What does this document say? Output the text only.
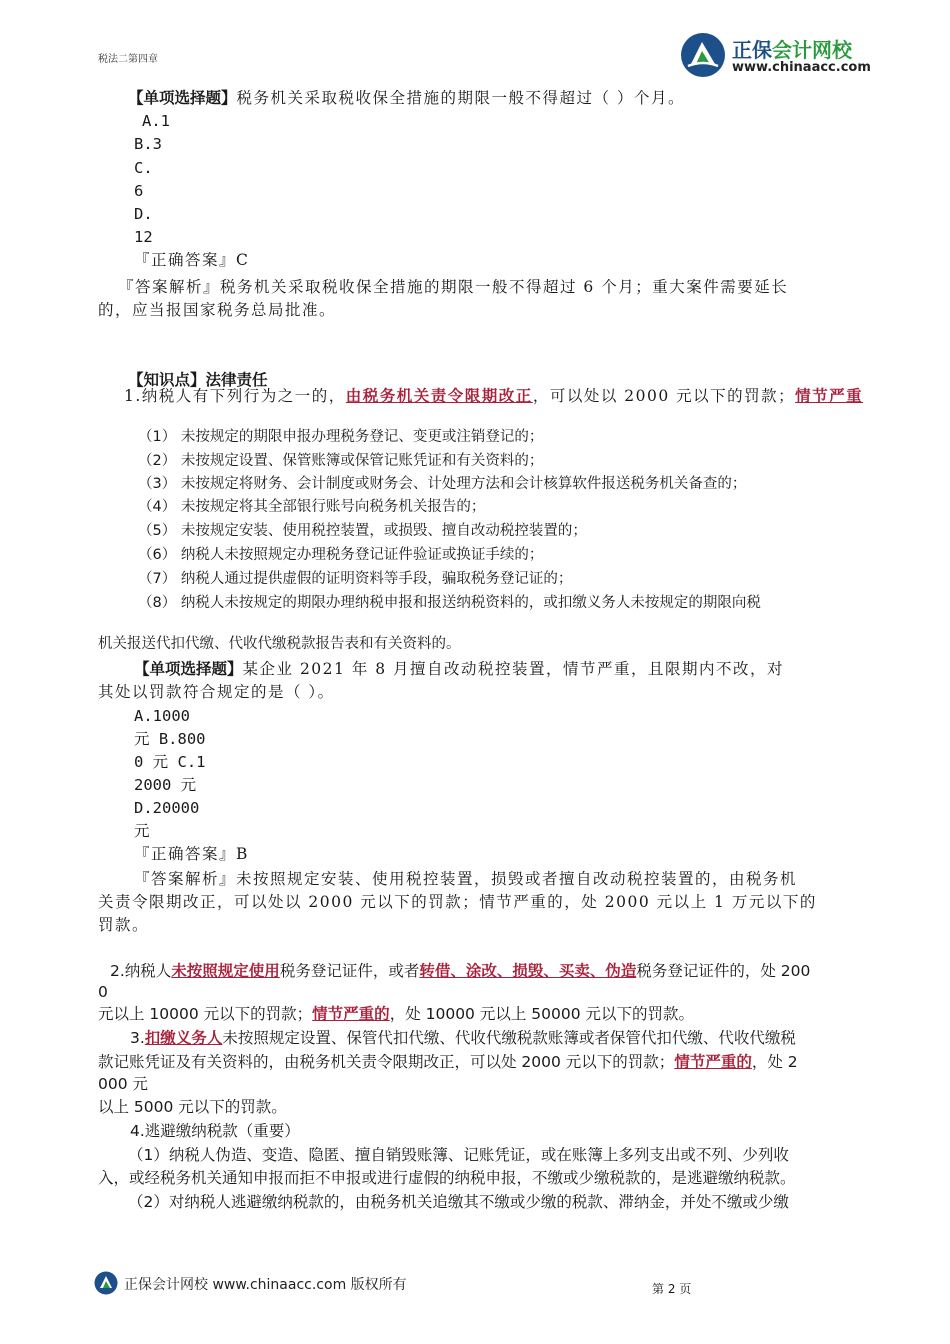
税法二第四章	正保会计网校
www.chinaacc.com
【单项选择题】税务机关采取税收保全措施的期限一般不得超过（ ）个月。
A.1
B.3
C.
6
D.
12
『正确答案』C
『答案解析』税务机关采取税收保全措施的期限一般不得超过 6 个月；重大案件需要延长
的，应当报国家税务总局批准。
【知识点】法律责任
1.纳税人有下列行为之一的，由税务机关责令限期改正，可以处以 2000 元以下的罚款；情节严重
（1） 未按规定的期限申报办理税务登记、变更或注销登记的；
（2） 未按规定设置、保管账簿或保管记账凭证和有关资料的；
（3） 未按规定将财务、会计制度或财务会、计处理方法和会计核算软件报送税务机关备查的；
（4） 未按规定将其全部银行账号向税务机关报告的；
（5） 未按规定安装、使用税控装置，或损毁、擅自改动税控装置的；
（6） 纳税人未按照规定办理税务登记证件验证或换证手续的；
（7） 纳税人通过提供虚假的证明资料等手段，骗取税务登记证的；
（8） 纳税人未按规定的期限办理纳税申报和报送纳税资料的，或扣缴义务人未按规定的期限向税
机关报送代扣代缴、代收代缴税款报告表和有关资料的。
【单项选择题】某企业 2021 年 8 月擅自改动税控装置，情节严重，且限期内不改，对
其处以罚款符合规定的是（ ）。
A.1000
元 B.800
0 元 C.1
2000 元
D.20000
元
『正确答案』B
『答案解析』未按照规定安装、使用税控装置，损毁或者擅自改动税控装置的，由税务机
关责令限期改正，可以处以 2000 元以下的罚款；情节严重的，处 2000 元以上 1 万元以下的
罚款。
2.纳税人未按照规定使用税务登记证件，或者转借、涂改、损毁、买卖、伪造税务登记证件的，处 200
0
元以上 10000 元以下的罚款；情节严重的，处 10000 元以上 50000 元以下的罚款。
3.扣缴义务人未按照规定设置、保管代扣代缴、代收代缴税款账簿或者保管代扣代缴、代收代缴税
款记账凭证及有关资料的，由税务机关责令限期改正，可以处 2000 元以下的罚款；情节严重的，处 2
000 元
以上 5000 元以下的罚款。
4.逃避缴纳税款（重要）
（1）纳税人伪造、变造、隐匿、擅自销毁账簿、记账凭证，或在账簿上多列支出或不列、少列收
入，或经税务机关通知申报而拒不申报或进行虚假的纳税申报，不缴或少缴税款的，是逃避缴纳税款。
（2）对纳税人逃避缴纳税款的，由税务机关追缴其不缴或少缴的税款、滞纳金，并处不缴或少缴
正保会计网校 www.chinaacc.com 版权所有	$^{第 2 页}$
